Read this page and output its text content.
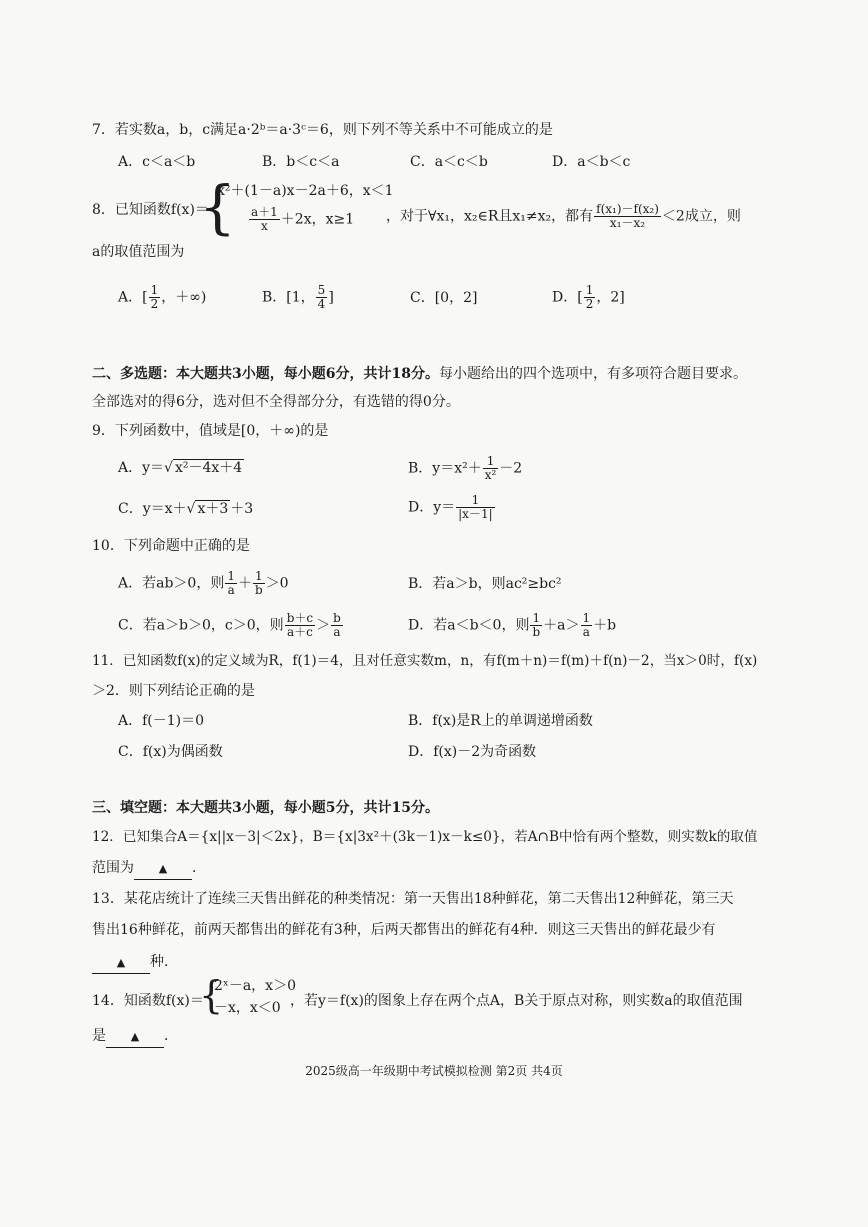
7．若实数a，b，c满足a·2ᵇ＝a·3ᶜ＝6，则下列不等关系中不可能成立的是
A．c＜a＜b	B．b＜c＜a	C．a＜c＜b	D．a＜b＜c
8．已知函数f(x)＝
{
x²＋(1－a)x－2a＋6，x＜1
$\frac{a+1}{x} +2x$，x≥1 ，对于∀x₁，x₂∈R且x₁≠x₂，都有 $\frac{\text{f(x₁)－f(x₂)}}{\text{x₁－x₂}} <2$成立，则
a的取值范围为
A．[ $\frac{1}{2}$ ，＋∞)	B．[1， $\frac{5}{4}$ ]	C．[0，2]	D．[ $\frac{1}{2}$ ，2]
二、多选题：本大题共3小题，每小题6分，共计18分。每小题给出的四个选项中，有多项符合题目要求。
全部选对的得6分，选对但不全得部分分，有选错的得0分。
9．下列函数中，值域是[0，＋∞)的是
A．y＝√ x²－4x＋4	B．$y=x^2+ \frac{1}{\text{x²}} -2$
C．y＝x＋√ x＋3 ＋3	D．$y= \frac{1}{|x-1|}$
10．下列命题中正确的是
A．若ab＞0，则 $\frac{1}{a} + \frac{1}{b} >0$	B．若a＞b，则ac²≥bc²
C．若a＞b＞0，c＞0，则 $\frac{b+c}{a+c} > \frac{b}{a}$	D．若a＜b＜0，则 $\frac{1}{b} +a> \frac{1}{a} +b$
11．已知函数f(x)的定义域为R，f(1)＝4，且对任意实数m，n，有f(m＋n)＝f(m)＋f(n)－2，当x＞0时，f(x)
＞2．则下列结论正确的是
A．f(－1)＝0	B．f(x)是R上的单调递增函数
C．f(x)为偶函数	D．f(x)－2为奇函数
三、填空题：本大题共3小题，每小题5分，共计15分。
12．已知集合A＝{x||x－3|＜2x}，B＝{x|3x²＋(3k－1)x－k≤0}，若A∩B中恰有两个整数，则实数k的取值
范围为 ▲ ．
13．某花店统计了连续三天售出鲜花的种类情况：第一天售出18种鲜花，第二天售出12种鲜花，第三天
售出16种鲜花，前两天都售出的鲜花有3种，后两天都售出的鲜花有4种．则这三天售出的鲜花最少有
▲ 种．
14．知函数f(x)＝
{
2ˣ－a，x＞0
－x，x＜0 ，若y＝f(x)的图象上存在两个点A，B关于原点对称，则实数a的取值范围
是 ▲ ．
2025级高一年级期中考试模拟检测 第2页 共4页
